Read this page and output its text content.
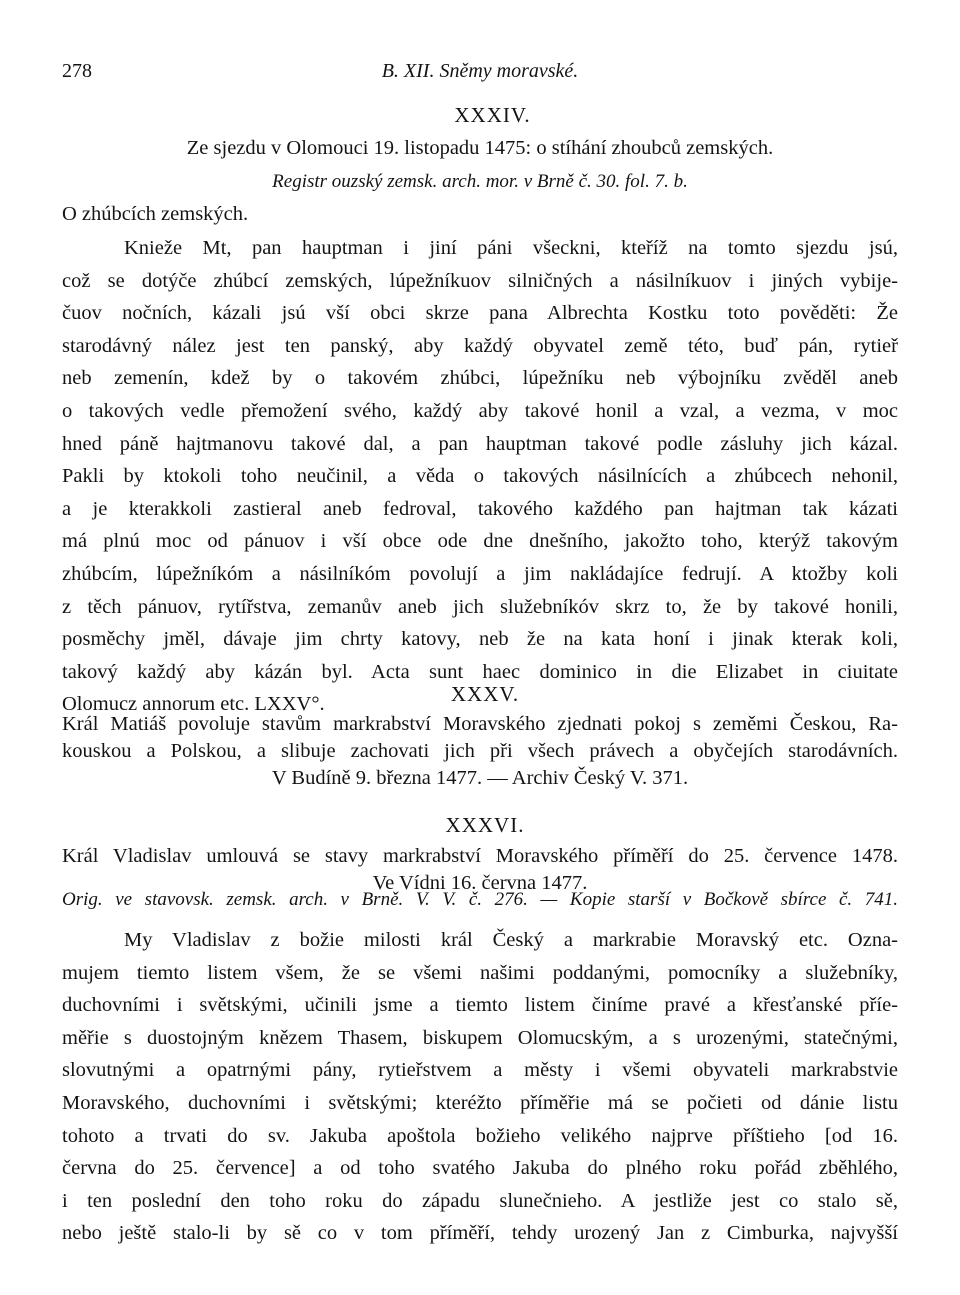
278	B. XII. Sněmy moravské.
XXXIV.
Ze sjezdu v Olomouci 19. listopadu 1475: o stíhání zhoubců zemských.
Registr ouzský zemsk. arch. mor. v Brně č. 30. fol. 7. b.
O zhúbcích zemských.
Knieže Mt, pan hauptman i jiní páni všeckni, kteříž na tomto sjezdu jsú,
což se dotýče zhúbcí zemských, lúpežníkuov silničných a násilníkuov i jiných vybije-
čuov nočních, kázali jsú vší obci skrze pana Albrechta Kostku toto pověděti: Že
starodávný nález jest ten panský, aby každý obyvatel země této, buď pán, rytieř
neb zemenín, kdež by o takovém zhúbci, lúpežníku neb výbojníku zvěděl aneb
o takových vedle přemožení svého, každý aby takové honil a vzal, a vezma, v moc
hned páně hajtmanovu takové dal, a pan hauptman takové podle zásluhy jich kázal.
Pakli by ktokoli toho neučinil, a věda o takových násilnících a zhúbcech nehonil,
a je kterakkoli zastieral aneb fedroval, takového každého pan hajtman tak kázati
má plnú moc od pánuov i vší obce ode dne dnešního, jakožto toho, kterýž takovým
zhúbcím, lúpežníkóm a násilníkóm povolují a jim nakládajíce fedrují. A ktožby koli
z těch pánuov, rytířstva, zemanův aneb jich služebníkóv skrz to, že by takové honili,
posměchy jměl, dávaje jim chrty katovy, neb že na kata honí i jinak kterak koli,
takový každý aby kázán byl. Acta sunt haec dominico in die Elizabet in ciuitate
Olomucz annorum etc. LXXV°.	XXXV.
Král Matiáš povoluje stavům markrabství Moravského zjednati pokoj s zeměmi Českou, Ra-
kouskou a Polskou, a slibuje zachovati jich při všech právech a obyčejích starodávních.
V Budíně 9. března 1477. — Archiv Český V. 371.
XXXVI.
Král Vladislav umlouvá se stavy markrabství Moravského příměří do 25. července 1478.
Ve Vídni 16. června 1477.
Orig. ve stavovsk. zemsk. arch. v Brně. V. V. č. 276. — Kopie starší v Bočkově sbírce č. 741.
My Vladislav z božie milosti král Český a markrabie Moravský etc. Ozna-
mujem tiemto listem všem, že se všemi našimi poddanými, pomocníky a služebníky,
duchovními i světskými, učinili jsme a tiemto listem činíme pravé a křesťanské příe-
měřie s duostojným knězem Thasem, biskupem Olomucským, a s urozenými, statečnými,
slovutnými a opatrnými pány, rytieřstvem a městy i všemi obyvateli markrabstvie
Moravského, duchovními i světskými; kteréžto příměřie má se počieti od dánie listu
tohoto a trvati do sv. Jakuba apoštola božieho velikého najprve příštieho [od 16.
června do 25. července] a od toho svatého Jakuba do plného roku pořád zběhlého,
i ten poslední den toho roku do západu slunečnieho. A jestliže jest co stalo sě,
nebo ještě stalo-li by sě co v tom příměří, tehdy urozený Jan z Cimburka, najvyšší
